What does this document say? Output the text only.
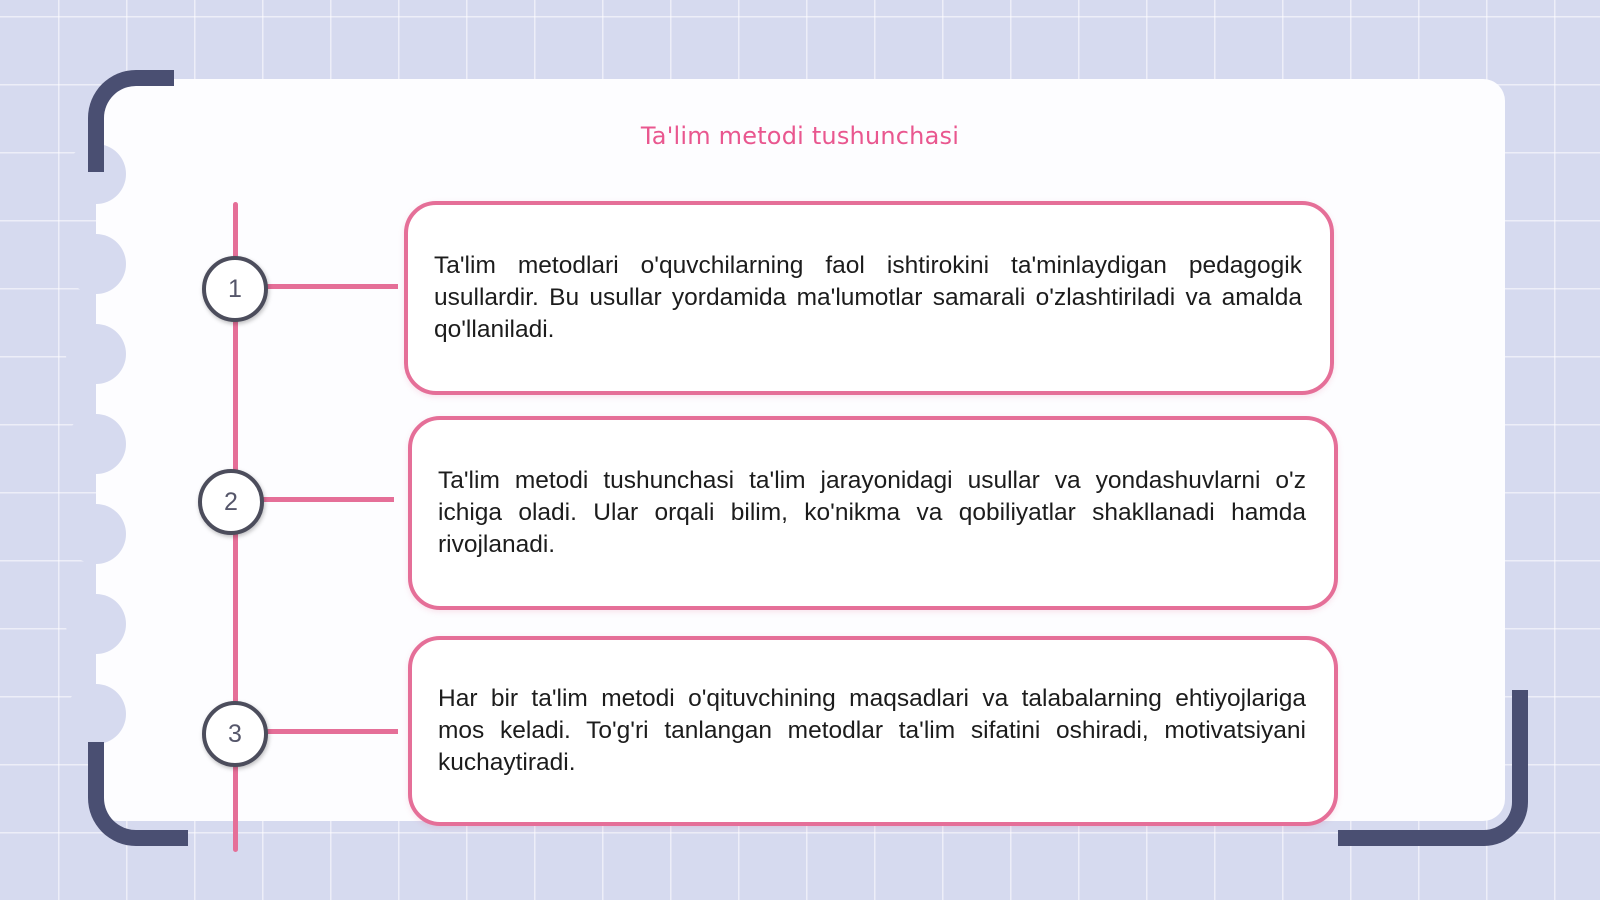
Ta'lim metodi tushunchasi
1
2
3

Ta'lim metodlari o'quvchilarning faol ishtirokini ta'minlaydigan pedagogik usullardir. Bu usullar yordamida ma'lumotlar samarali o'zlashtiriladi va amalda qo'llaniladi.

Ta'lim metodi tushunchasi ta'lim jarayonidagi usullar va yondashuvlarni o'z ichiga oladi. Ular orqali bilim, ko'nikma va qobiliyatlar shakllanadi hamda rivojlanadi.

Har bir ta'lim metodi o'qituvchining maqsadlari va talabalarning ehtiyojlariga mos keladi. To'g'ri tanlangan metodlar ta'lim sifatini oshiradi, motivatsiyani kuchaytiradi.
